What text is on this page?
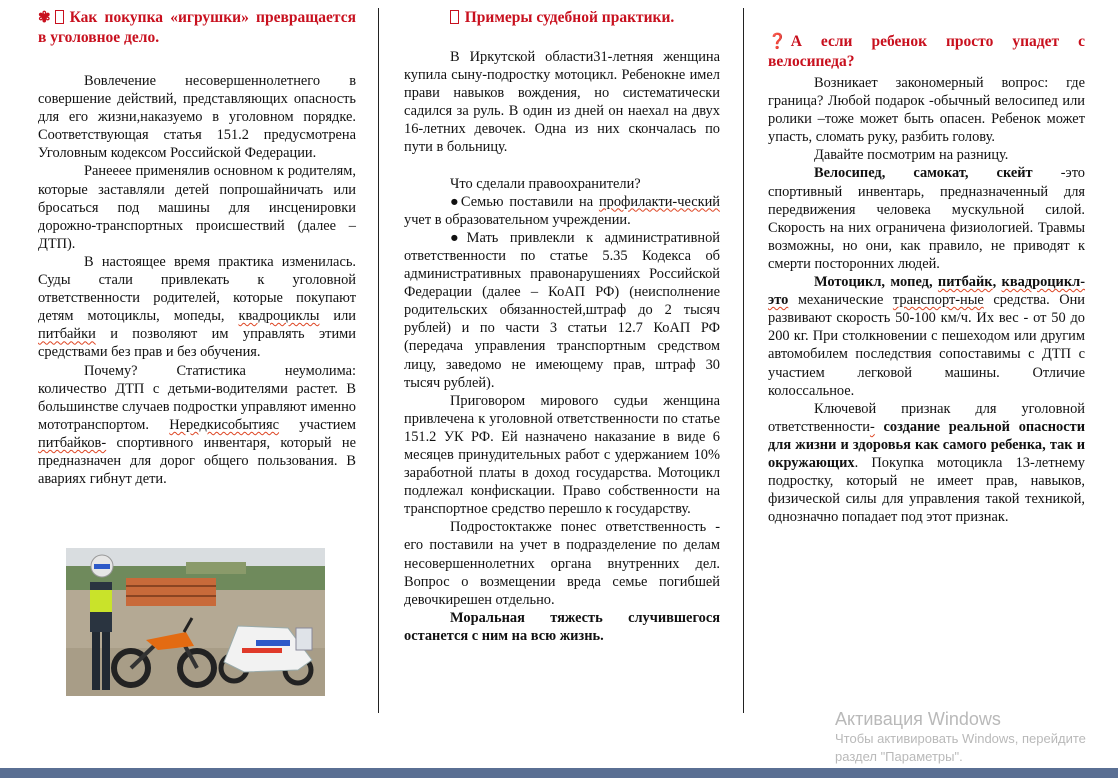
✾ Как покупка «игрушки» превращается в уголовное дело.

Вовлечение несовершеннолетнего в совершение действий, представляющих опасность для его жизни,наказуемо в уголовном порядке. Соответствующая статья 151.2 предусмотрена Уголовным кодексом Российской Федерации.

Ранееее применялив основном к родителям, которые заставляли детей попрошайничать или бросаться под машины для инсценировки дорожно-транспортных происшествий (далее – ДТП).

В настоящее время практика изменилась. Суды стали привлекать к уголовной ответственности родителей, которые покупают детям мотоциклы, мопеды, квадроциклы или питбайки и позволяют им управлять этими средствами без прав и без обучения.

Почему? Статистика неумолима: количество ДТП с детьми-водителями растет. В большинстве случаев подростки управляют именно мототранспортом. Нередкисобытияс участием питбайков- спортивного инвентаря, который не предназначен для дорог общего пользования. В авариях гибнут дети.

Примеры судебной практики.

В Иркутской области31-летняя женщина купила сыну-подростку мотоцикл. Ребенокне имел прави навыков вождения, но систематически садился за руль. В один из дней он наехал на двух 16-летних девочек. Одна из них скончалась по пути в больницу.

Что сделали правоохранители?

●Семью поставили на профилакти-ческий учет в образовательном учреждении.

●Мать привлекли к административной ответственности по статье 5.35 Кодекса об административных правонарушениях Российской Федерации (далее – КоАП РФ) (неисполнение родительских обязанностей,штраф до 2 тысяч рублей) и по части 3 статьи 12.7 КоАП РФ (передача управления транспортным средством лицу, заведомо не имеющему прав, штраф 30 тысяч рублей).

Приговором мирового судьи женщина привлечена к уголовной ответственности по статье 151.2 УК РФ. Ей назначено наказание в виде 6 месяцев принудительных работ с удержанием 10% заработной платы в доход государства. Мотоцикл подлежал конфискации. Право собственности на транспортное средство перешло к государству.

Подростоктакже понес ответственность - его поставили на учет в подразделение по делам несовершеннолетних органа внутренних дел. Вопрос о возмещении вреда семье погибшей девочкирешен отдельно.

Моральная тяжесть случившегося останется с ним на всю жизнь.

❓ А если ребенок просто упадет с велосипеда?

Возникает закономерный вопрос: где граница? Любой подарок -обычный велосипед или ролики –тоже может быть опасен. Ребенок может упасть, сломать руку, разбить голову.

Давайте посмотрим на разницу.

Велосипед, самокат, скейт -это спортивный инвентарь, предназначенный для передвижения человека мускульной силой. Скорость на них ограничена физиологией. Травмы возможны, но они, как правило, не приводят к смерти посторонних людей.

Мотоцикл, мопед, питбайк, квадроцикл-это механические транспорт-ные средства. Они развивают скорость 50-100 км/ч. Их вес - от 50 до 200 кг. При столкновении с пешеходом или другим автомобилем последствия сопоставимы с ДТП с участием легковой машины. Отличие колоссальное.

Ключевой признак для уголовной ответственности- создание реальной опасности для жизни и здоровья как самого ребенка, так и окружающих. Покупка мотоцикла 13-летнему подростку, который не имеет прав, навыков, физической силы для управления такой техникой, однозначно попадает под этот признак.

Активация Windows
Чтобы активировать Windows, перейдите
раздел "Параметры".
